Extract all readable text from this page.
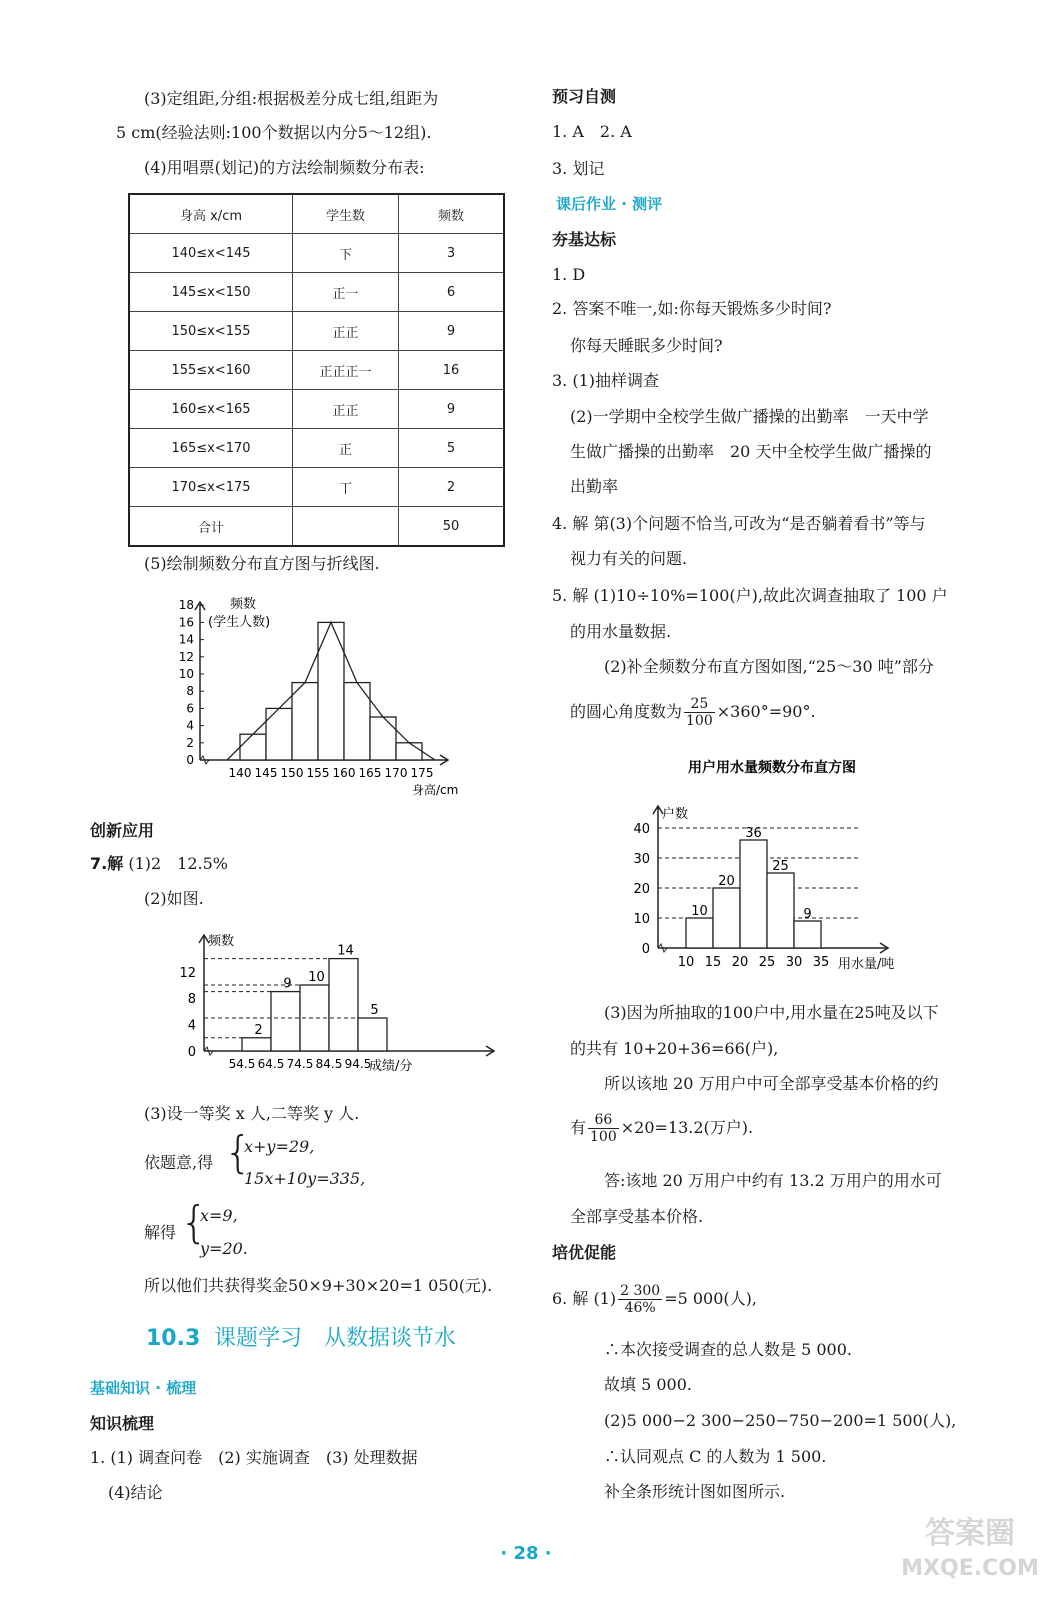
(3)定组距,分组:根据极差分成七组,组距为
5 cm(经验法则:100个数据以内分5～12组).
(4)用唱票(划记)的方法绘制频数分布表:
身高 x/cm	学生数	频数
140≤x<145	下	3
145≤x<150	正一	6
150≤x<155	正正	9
155≤x<160	正正正一	16
160≤x<165	正正	9
165≤x<170	正	5
170≤x<175	丅	2
合计		50
(5)绘制频数分布直方图与折线图.
0
2
4
6
8
10
12
14
16
18
140 145 150 155 160 165 170 175
频数
(学生人数)
身高/cm
创新应用
7.解 (1)2　12.5%
(2)如图.
频数
0
4
8
12
2
9 10
14
5
54.5 64.5 74.5 84.5 94.5
成绩/分
(3)设一等奖 x 人,二等奖 y 人.
依题意,得 {
x+y=29,
15x+10y=335,
解得 {
x=9,
y=20.
所以他们共获得奖金50×9+30×20=1 050(元).
10.3 课题学习　从数据谈节水
基础知识 · 梳理
知识梳理
1. (1) 调查问卷　(2) 实施调查　(3) 处理数据
(4)结论
预习自测
1. A　2. A
3. 划记
课后作业 · 测评
夯基达标
1. D
2. 答案不唯一,如:你每天锻炼多少时间?
你每天睡眠多少时间?
3. (1)抽样调查
(2)一学期中全校学生做广播操的出勤率　一天中学
生做广播操的出勤率　20 天中全校学生做广播操的
出勤率
4. 解 第(3)个问题不恰当,可改为“是否躺着看书”等与
视力有关的问题.
5. 解 (1)10÷10%=100(户),故此次调查抽取了 100 户
的用水量数据.
(2)补全频数分布直方图如图,“25～30 吨”部分
的圆心角度数为 $\frac{25}{100} \times 360^\circ=90^\circ$.
用户用水量频数分布直方图
户数
0
10
20
30
40
10
20
36
25
9
10 15 20 25 30 35 用水量/吨
(3)因为所抽取的100户中,用水量在25吨及以下
的共有 10+20+36=66(户),
所以该地 20 万用户中可全部享受基本价格的约
有 $\frac{66}{100} \times 20=13.2$(万户).
答:该地 20 万用户中约有 13.2 万用户的用水可
全部享受基本价格.
培优促能
6. 解 $(1) \frac{2 300}{46\%} =5$ 000(人),
∴本次接受调查的总人数是 5 000.
故填 5 000.
(2)5 000−2 300−250−750−200=1 500(人),
∴认同观点 C 的人数为 1 500.
补全条形统计图如图所示.
· 28 ·
答案圈
MXQE.COM
